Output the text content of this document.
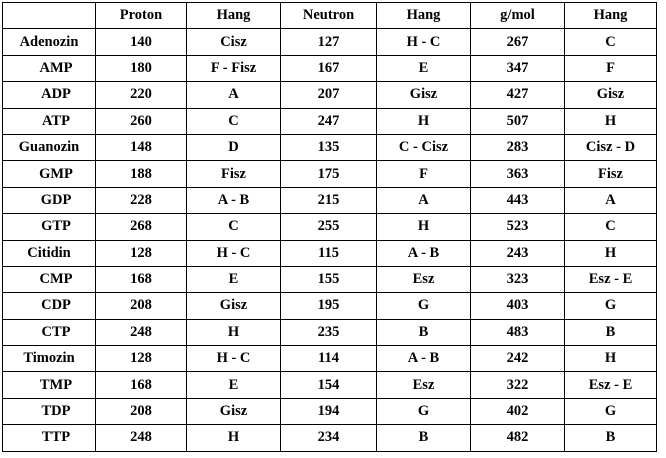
	Proton	Hang	Neutron	Hang	g/mol	Hang
Adenozin	140	Cisz	127	H - C	267	C
AMP	180	F - Fisz	167	E	347	F
ADP	220	A	207	Gisz	427	Gisz
ATP	260	C	247	H	507	H
Guanozin	148	D	135	C - Cisz	283	Cisz - D
GMP	188	Fisz	175	F	363	Fisz
GDP	228	A - B	215	A	443	A
GTP	268	C	255	H	523	C
Citidin	128	H - C	115	A - B	243	H
CMP	168	E	155	Esz	323	Esz - E
CDP	208	Gisz	195	G	403	G
CTP	248	H	235	B	483	B
Timozin	128	H - C	114	A - B	242	H
TMP	168	E	154	Esz	322	Esz - E
TDP	208	Gisz	194	G	402	G
TTP	248	H	234	B	482	B
